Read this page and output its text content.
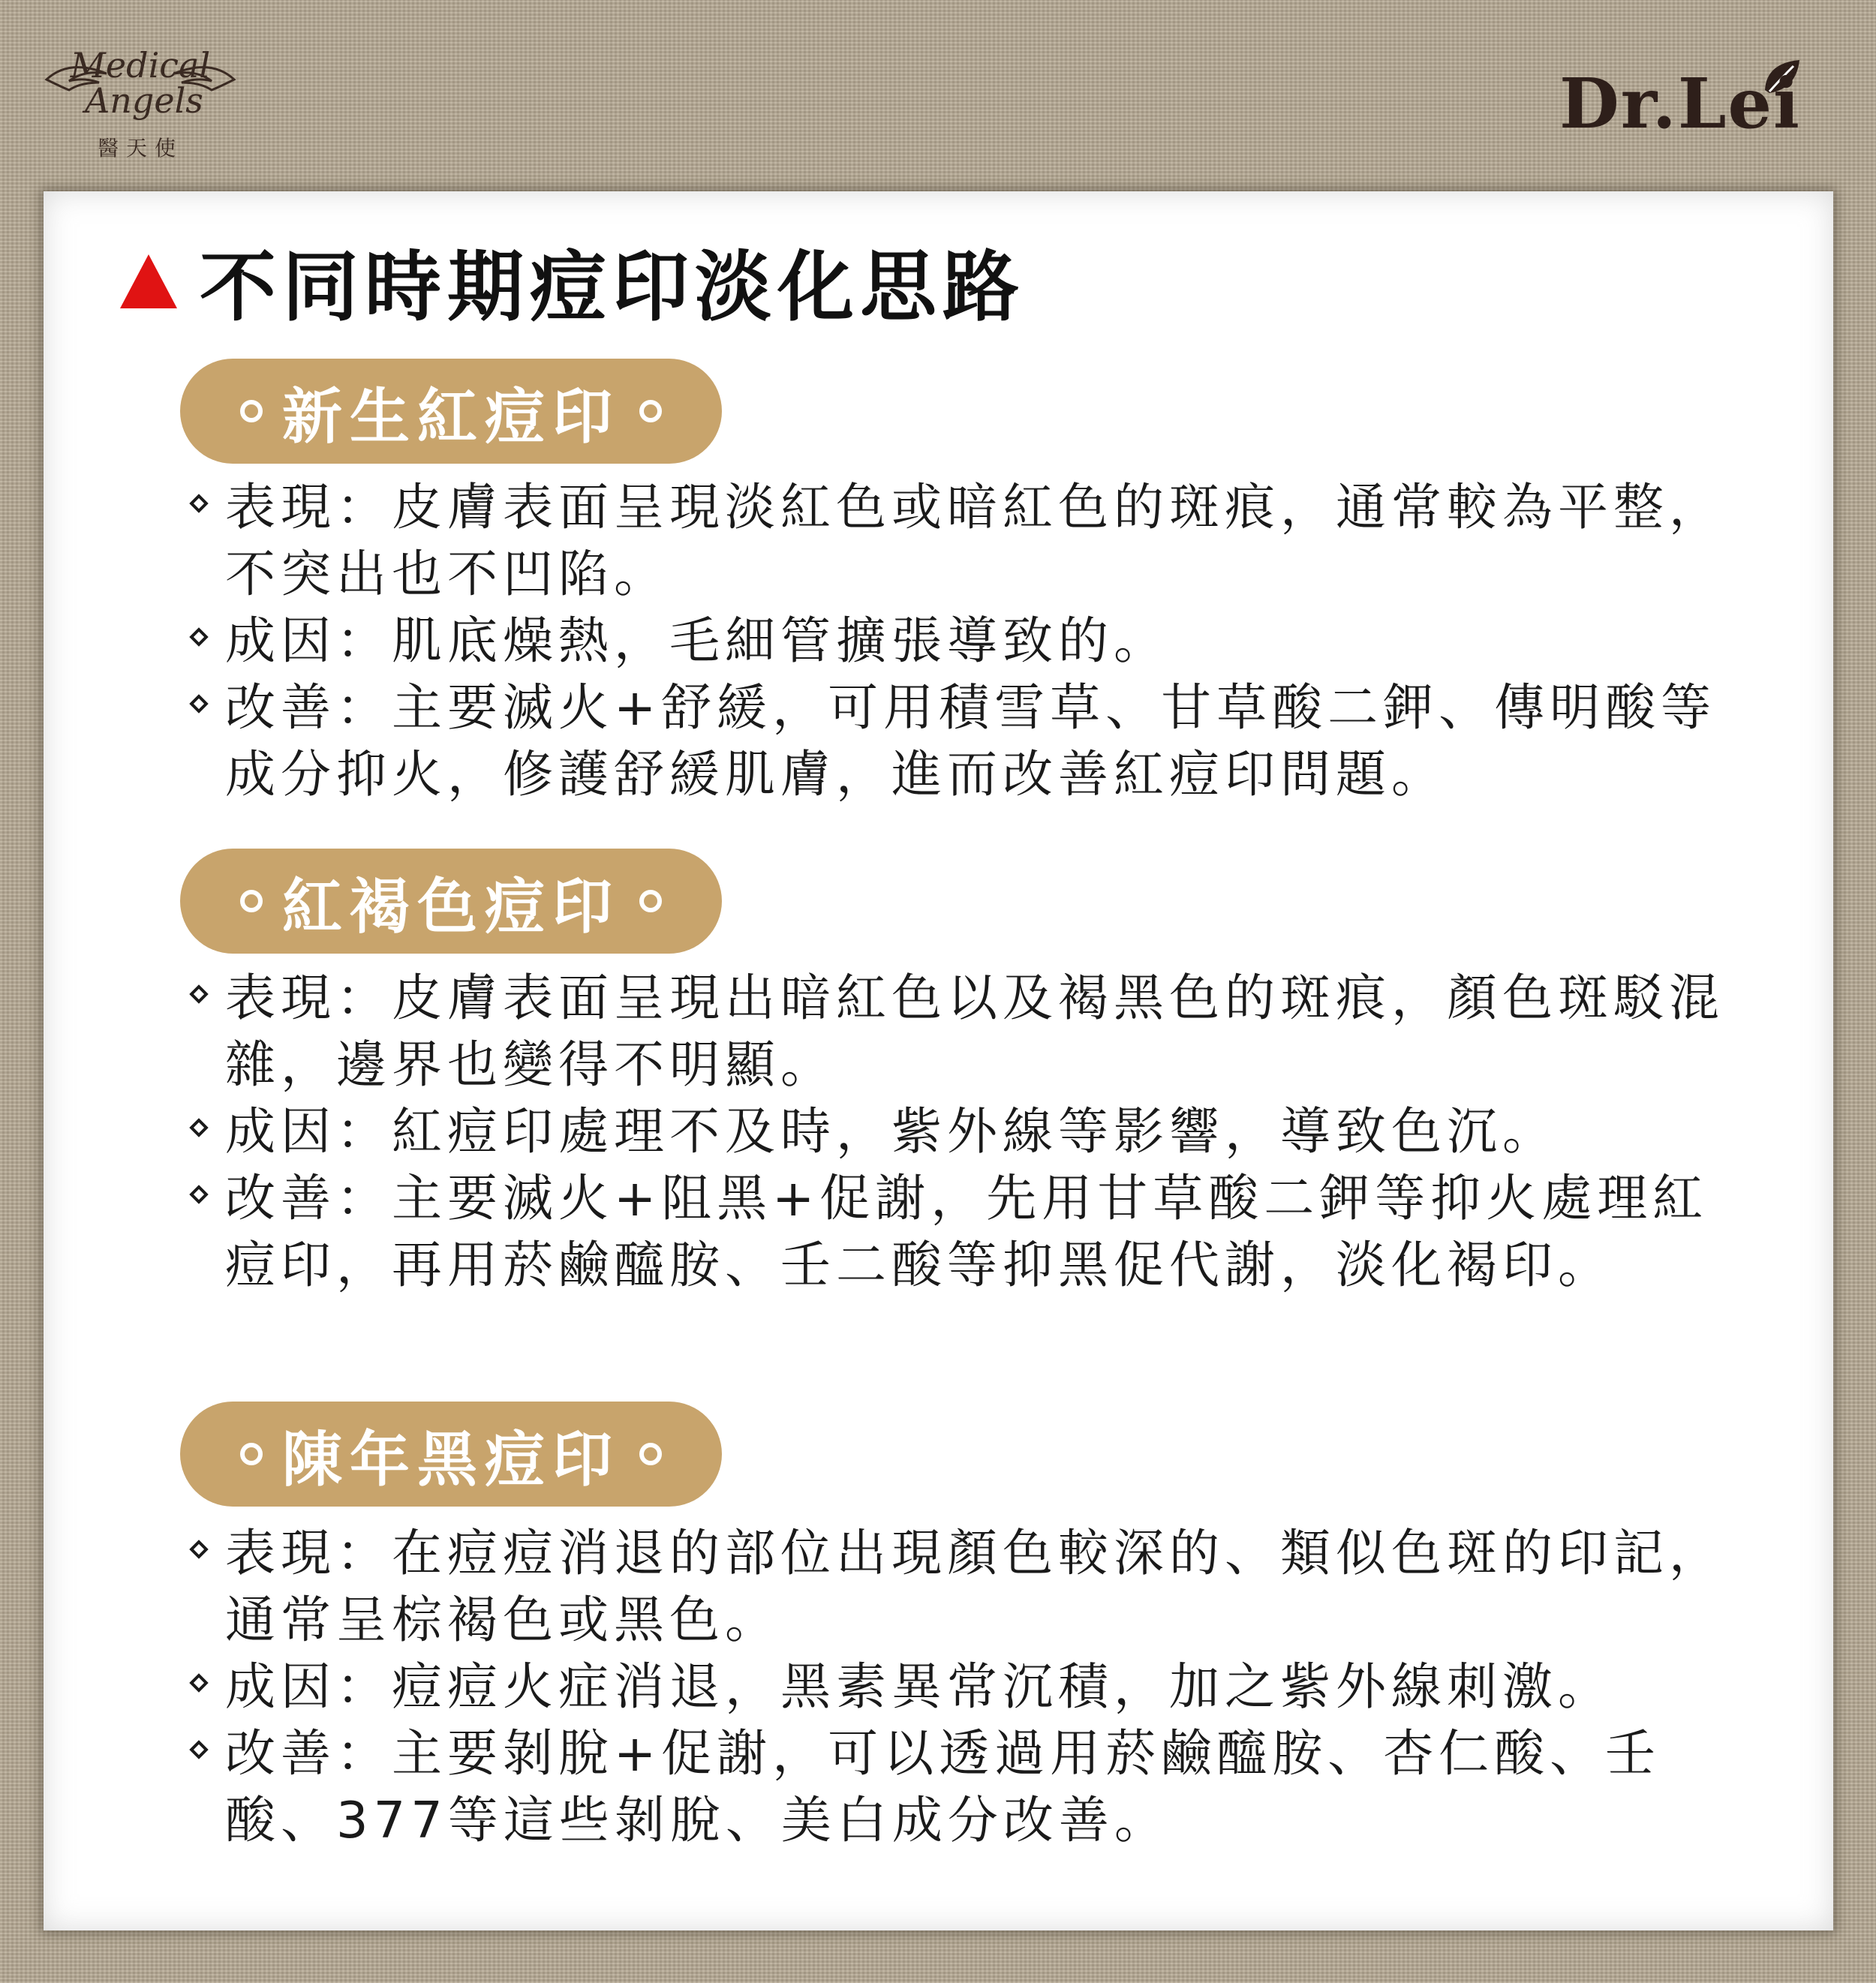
Medical
Angels
醫天使
Dr.Lei
不同時期痘印淡化思路
新生紅痘印
表現：皮膚表面呈現淡紅色或暗紅色的斑痕，通常較為平整，不突出也不凹陷。
成因：肌底燥熱，毛細管擴張導致的。
改善：主要滅火+舒緩，可用積雪草、甘草酸二鉀、傳明酸等成分抑火，修護舒緩肌膚，進而改善紅痘印問題。
紅褐色痘印
表現：皮膚表面呈現出暗紅色以及褐黑色的斑痕，顏色斑駁混雜，邊界也變得不明顯。
成因：紅痘印處理不及時，紫外線等影響，導致色沉。
改善：主要滅火+阻黑+促謝，先用甘草酸二鉀等抑火處理紅痘印，再用菸鹼醯胺、壬二酸等抑黑促代謝，淡化褐印。
陳年黑痘印
表現：在痘痘消退的部位出現顏色較深的、類似色斑的印記，通常呈棕褐色或黑色。
成因：痘痘火症消退，黑素異常沉積，加之紫外線刺激。
改善：主要剝脫+促謝，可以透過用菸鹼醯胺、杏仁酸、壬酸、377等這些剝脫、美白成分改善。
